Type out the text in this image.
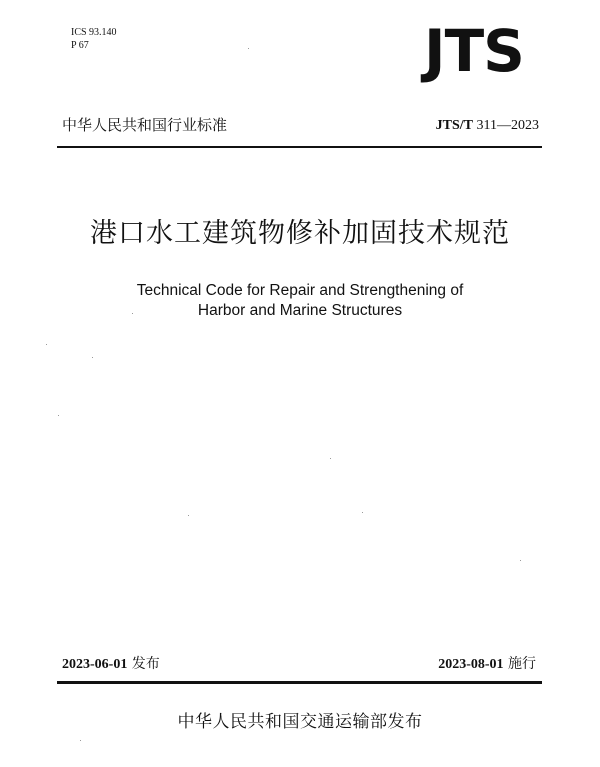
ICS 93.140
P 67	JTS
中华人民共和国行业标准	JTS/T 311—2023
港口水工建筑物修补加固技术规范
Technical Code for Repair and Strengthening of
Harbor and Marine Structures
2023-06-01 发布	2023-08-01 施行
中华人民共和国交通运输部发布
